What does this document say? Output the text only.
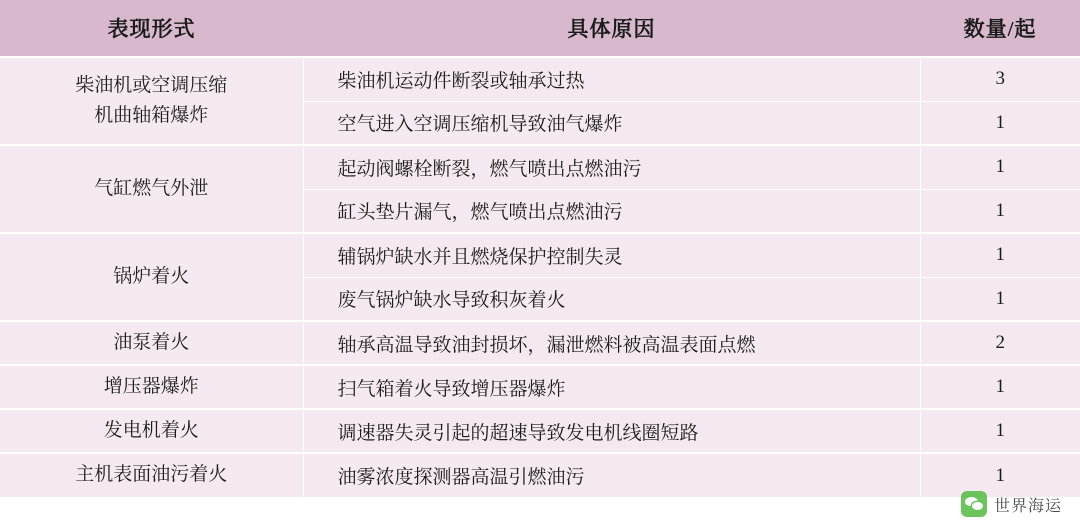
表现形式	具体原因	数量/起

柴油机或空调压缩
机曲轴箱爆炸	柴油机运动件断裂或轴承过热	3
	空气进入空调压缩机导致油气爆炸	1

气缸燃气外泄	起动阀螺栓断裂，燃气喷出点燃油污	1
	缸头垫片漏气，燃气喷出点燃油污	1

锅炉着火	辅锅炉缺水并且燃烧保护控制失灵	1
	废气锅炉缺水导致积灰着火	1

油泵着火	轴承高温导致油封损坏，漏泄燃料被高温表面点燃	2

增压器爆炸	扫气箱着火导致增压器爆炸	1

发电机着火	调速器失灵引起的超速导致发电机线圈短路	1

主机表面油污着火	油雾浓度探测器高温引燃油污	1
世界海运
